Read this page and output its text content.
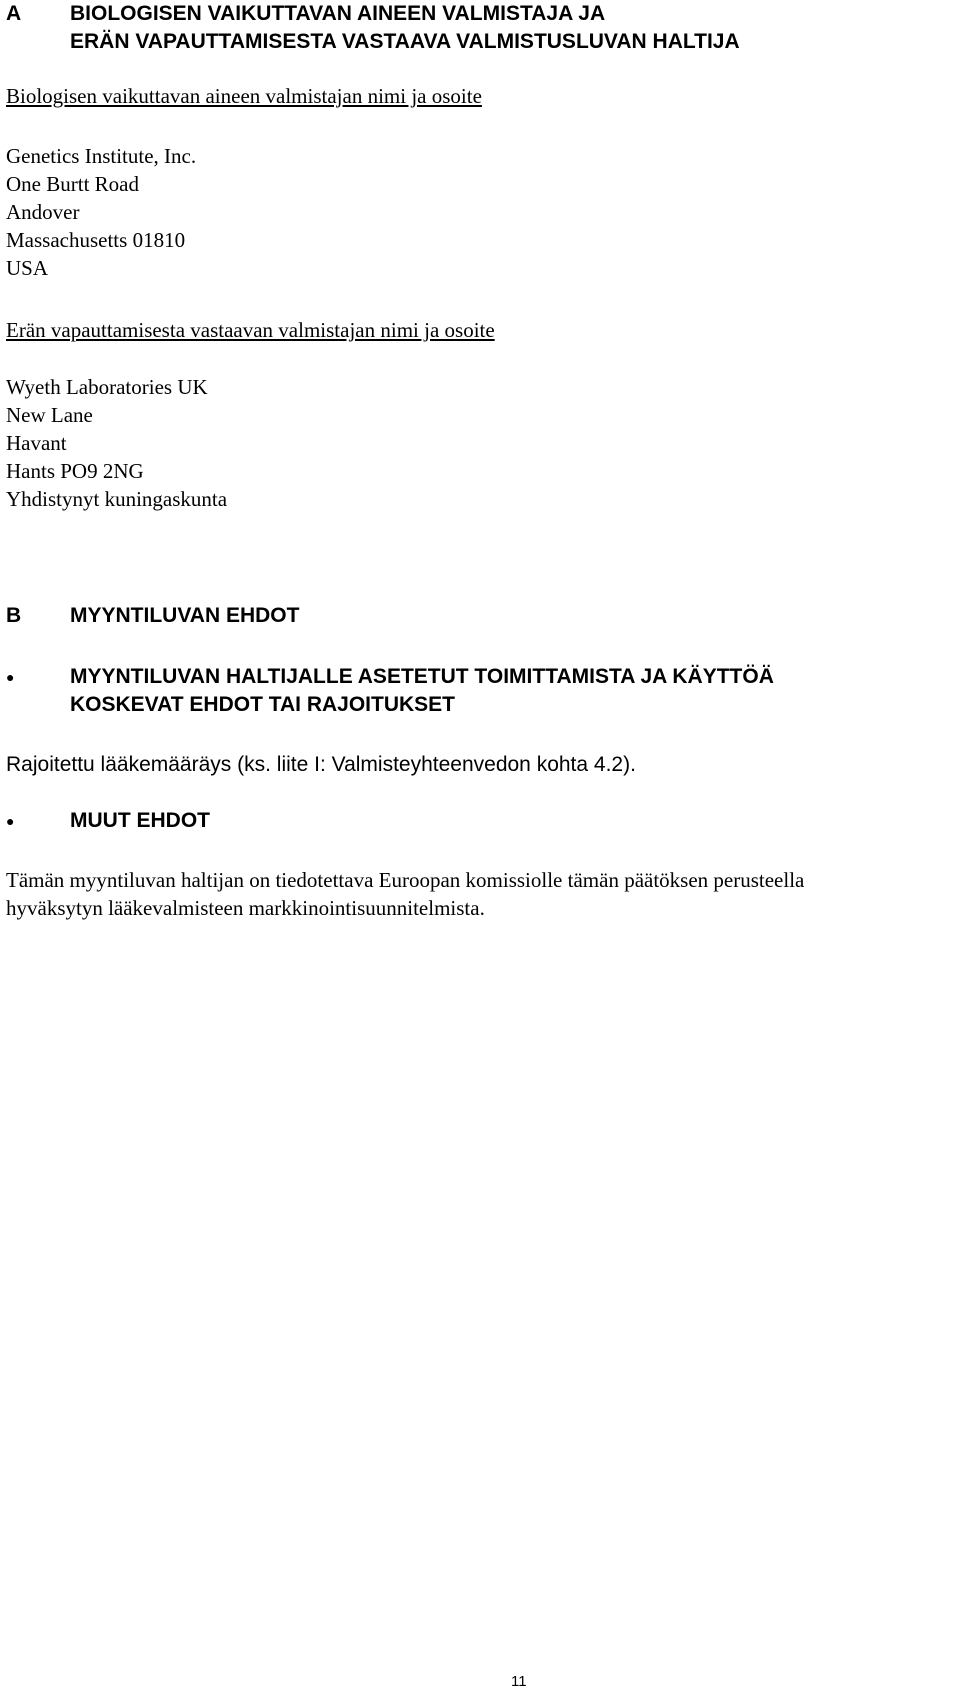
A	BIOLOGISEN VAIKUTTAVAN AINEEN VALMISTAJA JA
ERÄN VAPAUTTAMISESTA VASTAAVA VALMISTUSLUVAN HALTIJA
Biologisen vaikuttavan aineen valmistajan nimi ja osoite
Genetics Institute, Inc.
One Burtt Road
Andover
Massachusetts 01810
USA
Erän vapauttamisesta vastaavan valmistajan nimi ja osoite
Wyeth Laboratories UK
New Lane
Havant
Hants PO9 2NG
Yhdistynyt kuningaskunta
B	MYYNTILUVAN EHDOT
●	MYYNTILUVAN HALTIJALLE ASETETUT TOIMITTAMISTA JA KÄYTTÖÄ
KOSKEVAT EHDOT TAI RAJOITUKSET
Rajoitettu lääkemääräys (ks. liite I: Valmisteyhteenvedon kohta 4.2).
●	MUUT EHDOT
Tämän myyntiluvan haltijan on tiedotettava Euroopan komissiolle tämän päätöksen perusteella
hyväksytyn lääkevalmisteen markkinointisuunnitelmista.
11
